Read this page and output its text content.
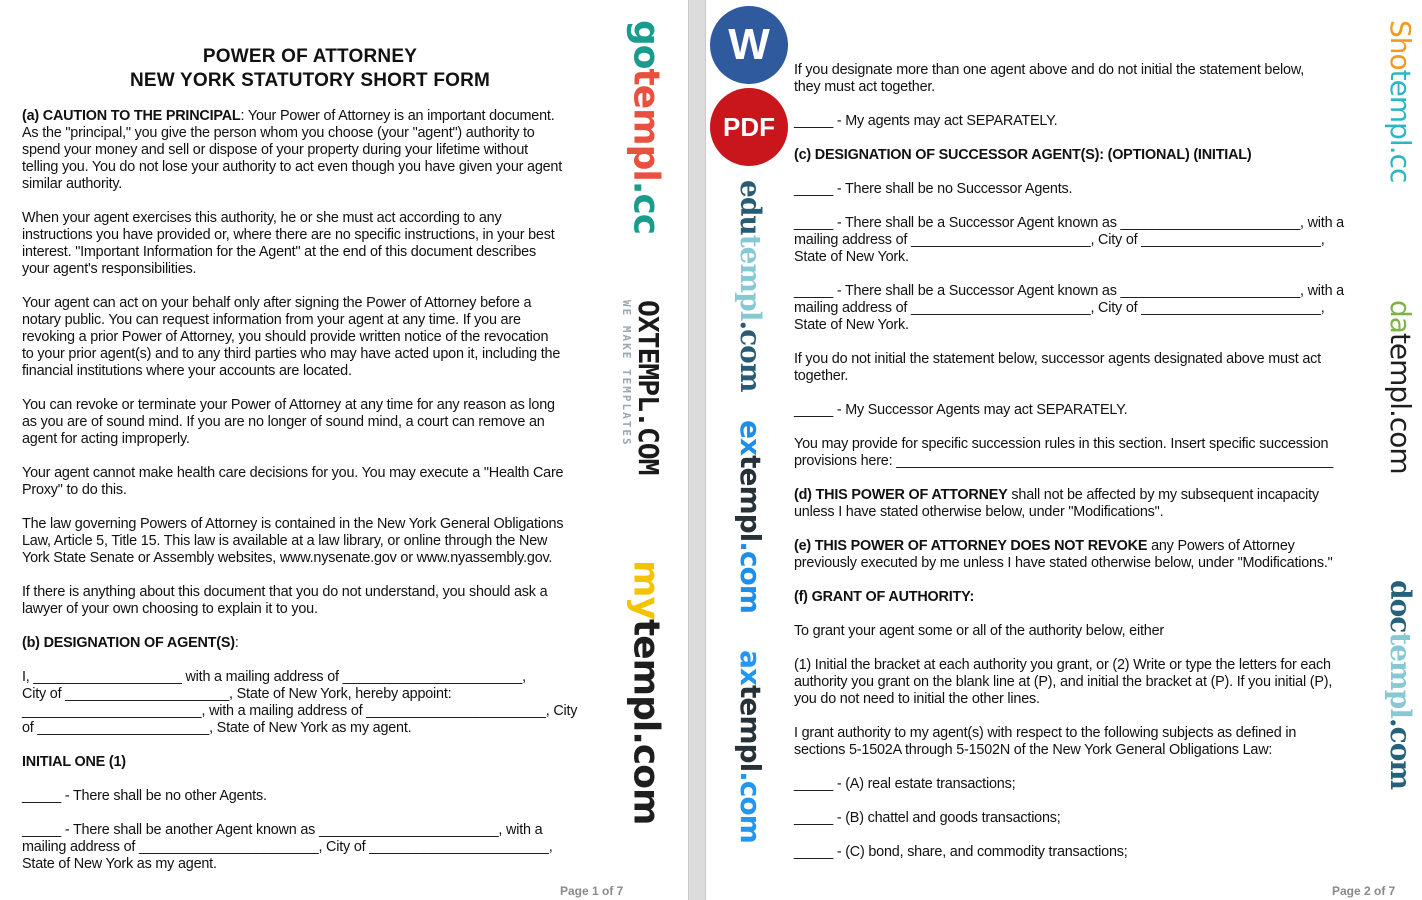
POWER OF ATTORNEY
NEW YORK STATUTORY SHORT FORM
(a) CAUTION TO THE PRINCIPAL: Your Power of Attorney is an important document.
As the "principal," you give the person whom you choose (your "agent") authority to
spend your money and sell or dispose of your property during your lifetime without
telling you. You do not lose your authority to act even though you have given your agent
similar authority.
When your agent exercises this authority, he or she must act according to any
instructions you have provided or, where there are no specific instructions, in your best
interest. "Important Information for the Agent" at the end of this document describes
your agent's responsibilities.
Your agent can act on your behalf only after signing the Power of Attorney before a
notary public. You can request information from your agent at any time. If you are
revoking a prior Power of Attorney, you should provide written notice of the revocation
to your prior agent(s) and to any third parties who may have acted upon it, including the
financial institutions where your accounts are located.
You can revoke or terminate your Power of Attorney at any time for any reason as long
as you are of sound mind. If you are no longer of sound mind, a court can remove an
agent for acting improperly.
Your agent cannot make health care decisions for you. You may execute a "Health Care
Proxy" to do this.
The law governing Powers of Attorney is contained in the New York General Obligations
Law, Article 5, Title 15. This law is available at a law library, or online through the New
York State Senate or Assembly websites, www.nysenate.gov or www.nyassembly.gov.
If there is anything about this document that you do not understand, you should ask a
lawyer of your own choosing to explain it to you.
(b) DESIGNATION OF AGENT(S):
I, ___________________ with a mailing address of _______________________,
City of _____________________, State of New York, hereby appoint:
_______________________, with a mailing address of _______________________, City
of ______________________, State of New York as my agent.
INITIAL ONE (1)
_____ - There shall be no other Agents.
_____ - There shall be another Agent known as _______________________, with a
mailing address of _______________________, City of _______________________,
State of New York as my agent.
Page 1 of 7
If you designate more than one agent above and do not initial the statement below,
they must act together.
_____ - My agents may act SEPARATELY.
(c) DESIGNATION OF SUCCESSOR AGENT(S): (OPTIONAL) (INITIAL)
_____ - There shall be no Successor Agents.
_____ - There shall be a Successor Agent known as _______________________, with a
mailing address of _______________________, City of _______________________,
State of New York.
_____ - There shall be a Successor Agent known as _______________________, with a
mailing address of _______________________, City of _______________________,
State of New York.
If you do not initial the statement below, successor agents designated above must act
together.
_____ - My Successor Agents may act SEPARATELY.
You may provide for specific succession rules in this section. Insert specific succession
provisions here: ________________________________________________________
(d) THIS POWER OF ATTORNEY shall not be affected by my subsequent incapacity
unless I have stated otherwise below, under "Modifications".
(e) THIS POWER OF ATTORNEY DOES NOT REVOKE any Powers of Attorney
previously executed by me unless I have stated otherwise below, under "Modifications."
(f) GRANT OF AUTHORITY:
To grant your agent some or all of the authority below, either
(1) Initial the bracket at each authority you grant, or (2) Write or type the letters for each
authority you grant on the blank line at (P), and initial the bracket at (P). If you initial (P),
you do not need to initial the other lines.
I grant authority to my agent(s) with respect to the following subjects as defined in
sections 5-1502A through 5-1502N of the New York General Obligations Law:
_____ - (A) real estate transactions;
_____ - (B) chattel and goods transactions;
_____ - (C) bond, share, and commodity transactions;
Page 2 of 7
W
PDF
gotempl.cc
OXTEMPL.COM
WE MAKE TEMPLATES
mytempl.com
edutempl.com
extempl.com
axtempl.com
Shotempl.cc
datempl.com
doctempl.com
